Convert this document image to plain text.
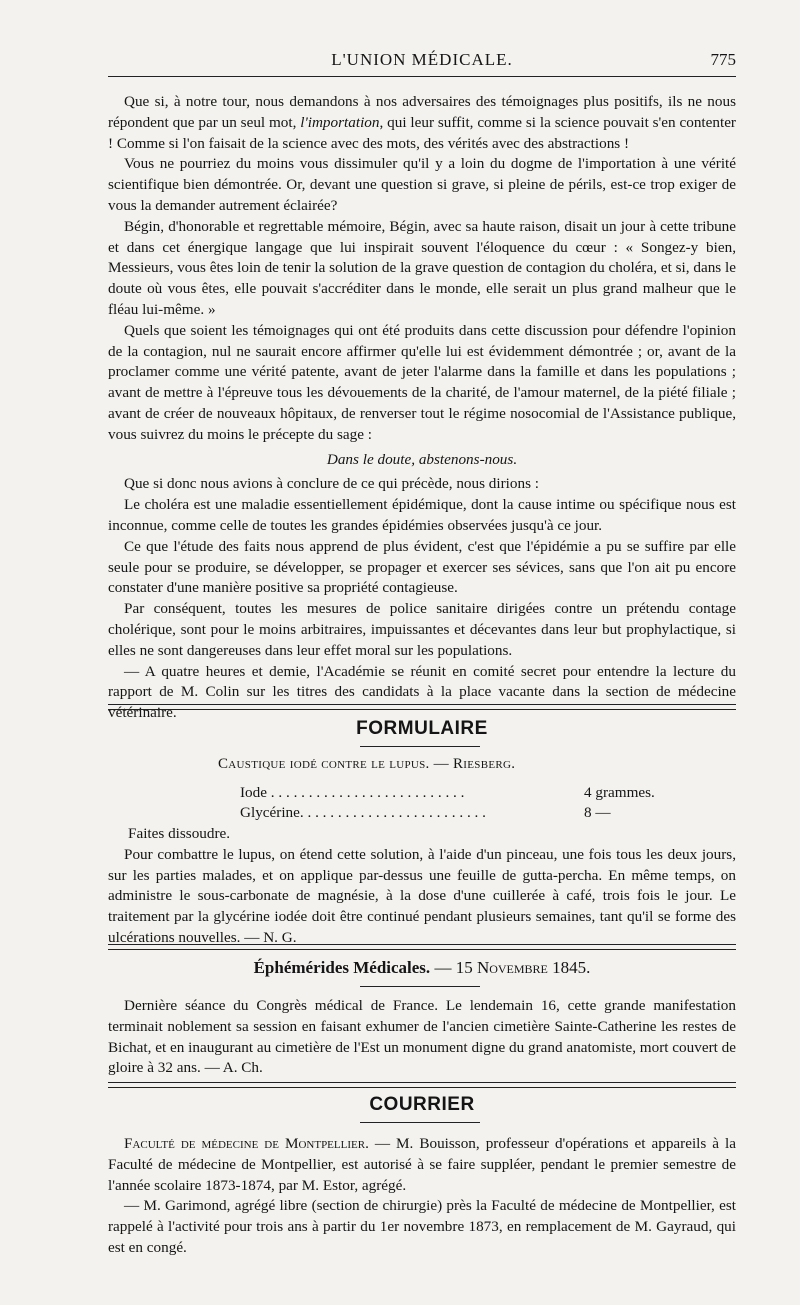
L'UNION MÉDICALE.	775

Que si, à notre tour, nous demandons à nos adversaires des témoignages plus positifs, ils ne nous répondent que par un seul mot, l'importation, qui leur suffit, comme si la science pouvait s'en contenter ! Comme si l'on faisait de la science avec des mots, des vérités avec des abstractions !

Vous ne pourriez du moins vous dissimuler qu'il y a loin du dogme de l'importation à une vérité scientifique bien démontrée. Or, devant une question si grave, si pleine de périls, est-ce trop exiger de vous la demander autrement éclairée?

Bégin, d'honorable et regrettable mémoire, Bégin, avec sa haute raison, disait un jour à cette tribune et dans cet énergique langage que lui inspirait souvent l'éloquence du cœur : « Songez-y bien, Messieurs, vous êtes loin de tenir la solution de la grave question de contagion du choléra, et si, dans le doute où vous êtes, elle pouvait s'accréditer dans le monde, elle serait un plus grand malheur que le fléau lui-même. »

Quels que soient les témoignages qui ont été produits dans cette discussion pour défendre l'opinion de la contagion, nul ne saurait encore affirmer qu'elle lui est évidemment démontrée ; or, avant de la proclamer comme une vérité patente, avant de jeter l'alarme dans la famille et dans les populations ; avant de mettre à l'épreuve tous les dévouements de la charité, de l'amour maternel, de la piété filiale ; avant de créer de nouveaux hôpitaux, de renverser tout le régime nosocomial de l'Assistance publique, vous suivrez du moins le précepte du sage :

Dans le doute, abstenons-nous.

Que si donc nous avions à conclure de ce qui précède, nous dirions :

Le choléra est une maladie essentiellement épidémique, dont la cause intime ou spécifique nous est inconnue, comme celle de toutes les grandes épidémies observées jusqu'à ce jour.

Ce que l'étude des faits nous apprend de plus évident, c'est que l'épidémie a pu se suffire par elle seule pour se produire, se développer, se propager et exercer ses sévices, sans que l'on ait pu encore constater d'une manière positive sa propriété contagieuse.

Par conséquent, toutes les mesures de police sanitaire dirigées contre un prétendu contage cholérique, sont pour le moins arbitraires, impuissantes et décevantes dans leur but prophylactique, si elles ne sont dangereuses dans leur effet moral sur les populations.

— A quatre heures et demie, l'Académie se réunit en comité secret pour entendre la lecture du rapport de M. Colin sur les titres des candidats à la place vacante dans la section de médecine vétérinaire.

FORMULAIRE
Caustique iodé contre le lupus. — Riesberg.
Iode . . . . . . . . . . . . . . . . . . . . . . . . . .	4 grammes.
Glycérine. . . . . . . . . . . . . . . . . . . . . . . . .	8 —

Faites dissoudre.

Pour combattre le lupus, on étend cette solution, à l'aide d'un pinceau, une fois tous les deux jours, sur les parties malades, et on applique par-dessus une feuille de gutta-percha. En même temps, on administre le sous-carbonate de magnésie, à la dose d'une cuillerée à café, trois fois le jour. Le traitement par la glycérine iodée doit être continué pendant plusieurs semaines, tant qu'il se forme des ulcérations nouvelles. — N. G.

Éphémérides Médicales. — 15 Novembre 1845.

Dernière séance du Congrès médical de France. Le lendemain 16, cette grande manifestation terminait noblement sa session en faisant exhumer de l'ancien cimetière Sainte-Catherine les restes de Bichat, et en inaugurant au cimetière de l'Est un monument digne du grand anatomiste, mort couvert de gloire à 32 ans. — A. Ch.

COURRIER

Faculté de médecine de Montpellier. — M. Bouisson, professeur d'opérations et appareils à la Faculté de médecine de Montpellier, est autorisé à se faire suppléer, pendant le premier semestre de l'année scolaire 1873-1874, par M. Estor, agrégé.

— M. Garimond, agrégé libre (section de chirurgie) près la Faculté de médecine de Montpellier, est rappelé à l'activité pour trois ans à partir du 1er novembre 1873, en remplacement de M. Gayraud, qui est en congé.
